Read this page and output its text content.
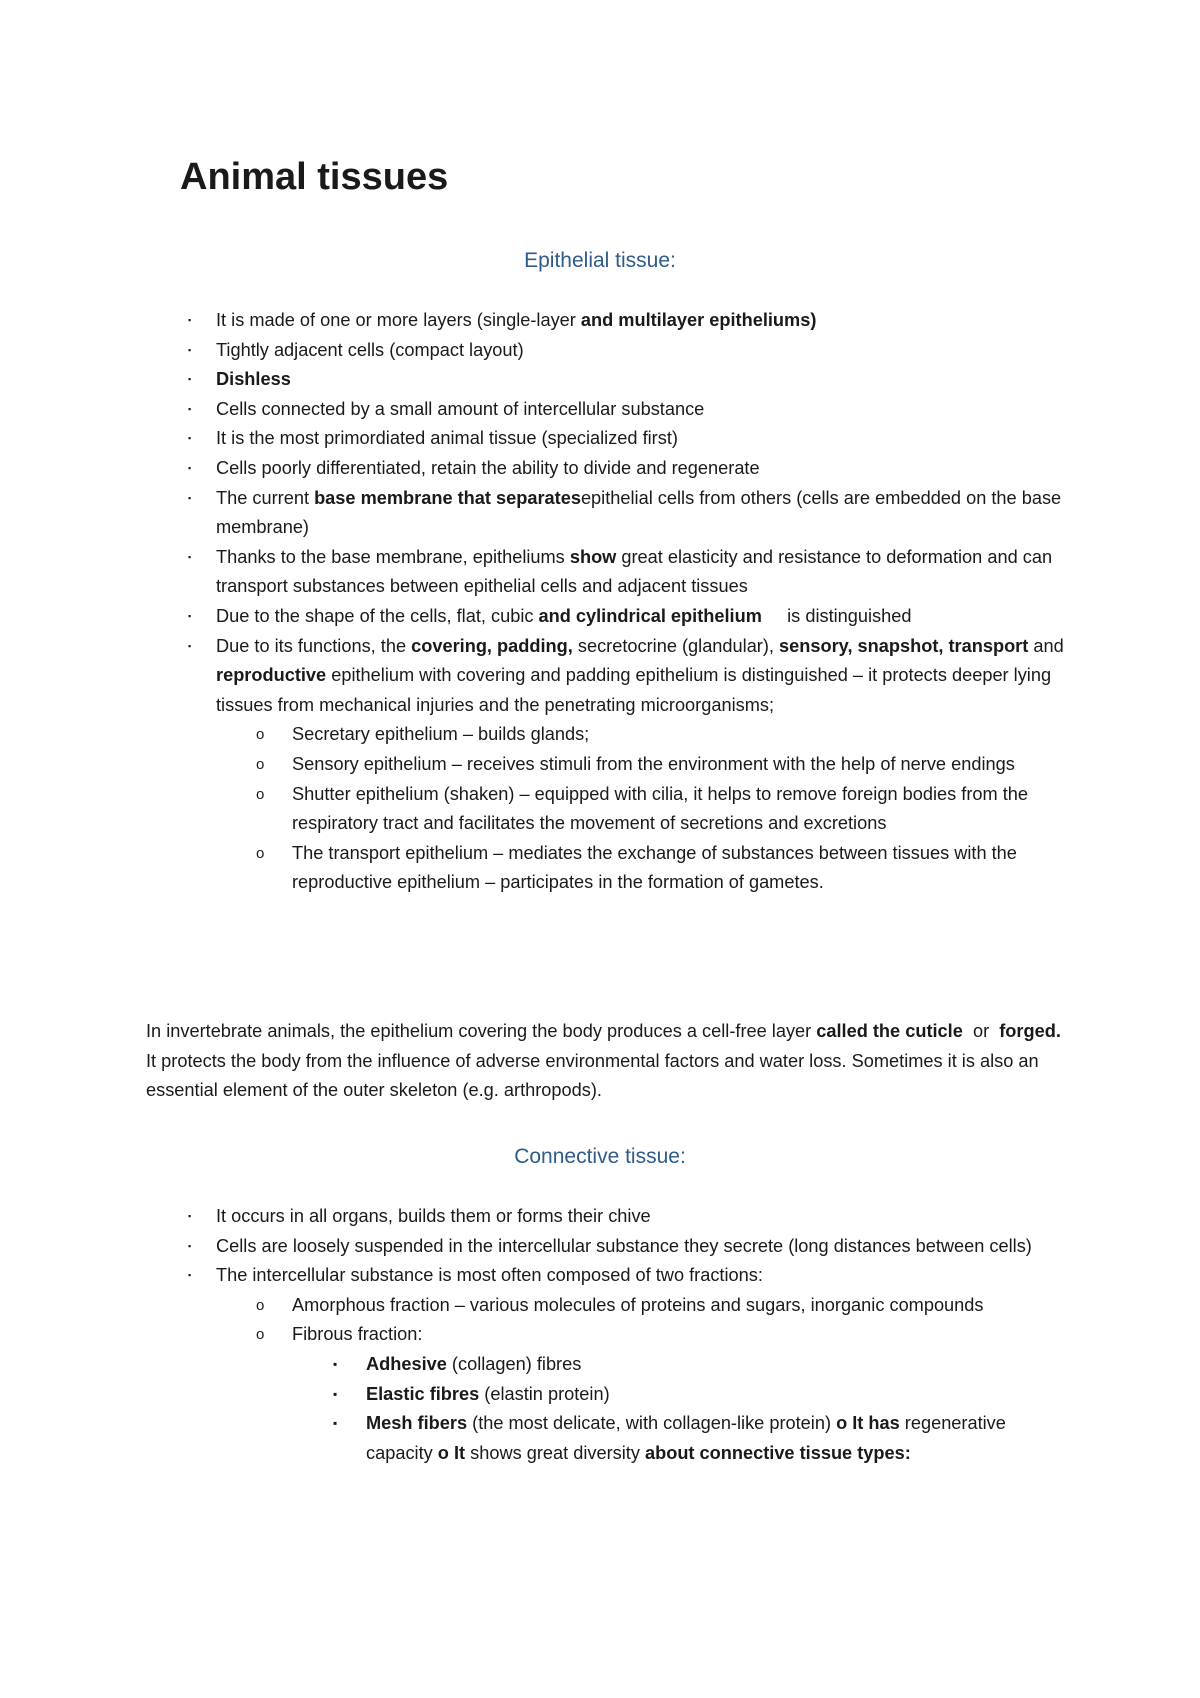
Animal tissues
Epithelial tissue:
▪ It is made of one or more layers (single-layer and multilayer epitheliums)
▪ Tightly adjacent cells (compact layout)
▪ Dishless
▪ Cells connected by a small amount of intercellular substance
▪ It is the most primordiated animal tissue (specialized first)
▪ Cells poorly differentiated, retain the ability to divide and regenerate
▪ The current base membrane that separatesepithelial cells from others (cells are embedded on the base membrane)
▪ Thanks to the base membrane, epitheliums show great elasticity and resistance to deformation and can transport substances between epithelial cells and adjacent tissues
▪ Due to the shape of the cells, flat, cubic and cylindrical epithelium     is distinguished
▪ Due to its functions, the covering, padding, secretocrine (glandular), sensory, snapshot, transport and reproductive epithelium with covering and padding epithelium is distinguished – it protects deeper lying tissues from mechanical injuries and the penetrating microorganisms;
o Secretary epithelium – builds glands;
o Sensory epithelium – receives stimuli from the environment with the help of nerve endings
o Shutter epithelium (shaken) – equipped with cilia, it helps to remove foreign bodies from the respiratory tract and facilitates the movement of secretions and excretions
o The transport epithelium – mediates the exchange of substances between tissues with the reproductive epithelium – participates in the formation of gametes.

In invertebrate animals, the epithelium covering the body produces a cell-free layer called the cuticle  or  forged. It protects the body from the influence of adverse environmental factors and water loss. Sometimes it is also an essential element of the outer skeleton (e.g. arthropods).

Connective tissue:
▪ It occurs in all organs, builds them or forms their chive
▪ Cells are loosely suspended in the intercellular substance they secrete (long distances between cells)
▪ The intercellular substance is most often composed of two fractions:
o Amorphous fraction – various molecules of proteins and sugars, inorganic compounds
o Fibrous fraction:
▪ Adhesive (collagen) fibres
▪ Elastic fibres (elastin protein)
▪ Mesh fibers (the most delicate, with collagen-like protein) o It has regenerative capacity o It shows great diversity about connective tissue types:
